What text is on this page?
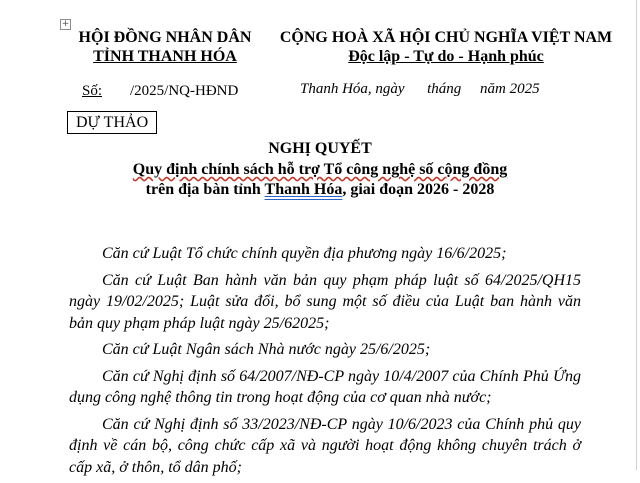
+
HỘI ĐỒNG NHÂN DÂN
TỈNH THANH HÓA
CỘNG HOÀ XÃ HỘI CHỦ NGHĨA VIỆT NAM
Độc lập - Tự do - Hạnh phúc
Số: /2025/NQ-HĐND	Thanh Hóa, ngày      tháng     năm 2025
DỰ THẢO
NGHỊ QUYẾT
Quy định chính sách hỗ trợ Tổ công nghệ số cộng đồng
trên địa bàn tỉnh Thanh Hóa, giai đoạn 2026 - 2028

Căn cứ Luật Tổ chức chính quyền địa phương ngày 16/6/2025;

Căn cứ Luật Ban hành văn bản quy phạm pháp luật số 64/2025/QH15 ngày 19/02/2025; Luật sửa đổi, bổ sung một số điều của Luật ban hành văn bản quy phạm pháp luật ngày 25/62025;

Căn cứ Luật Ngân sách Nhà nước ngày 25/6/2025;

Căn cứ Nghị định số 64/2007/NĐ-CP ngày 10/4/2007 của Chính Phủ Ứng dụng công nghệ thông tin trong hoạt động của cơ quan nhà nước;

Căn cứ Nghị định số 33/2023/NĐ-CP ngày 10/6/2023 của Chính phủ quy định về cán bộ, công chức cấp xã và người hoạt động không chuyên trách ở cấp xã, ở thôn, tổ dân phố;
